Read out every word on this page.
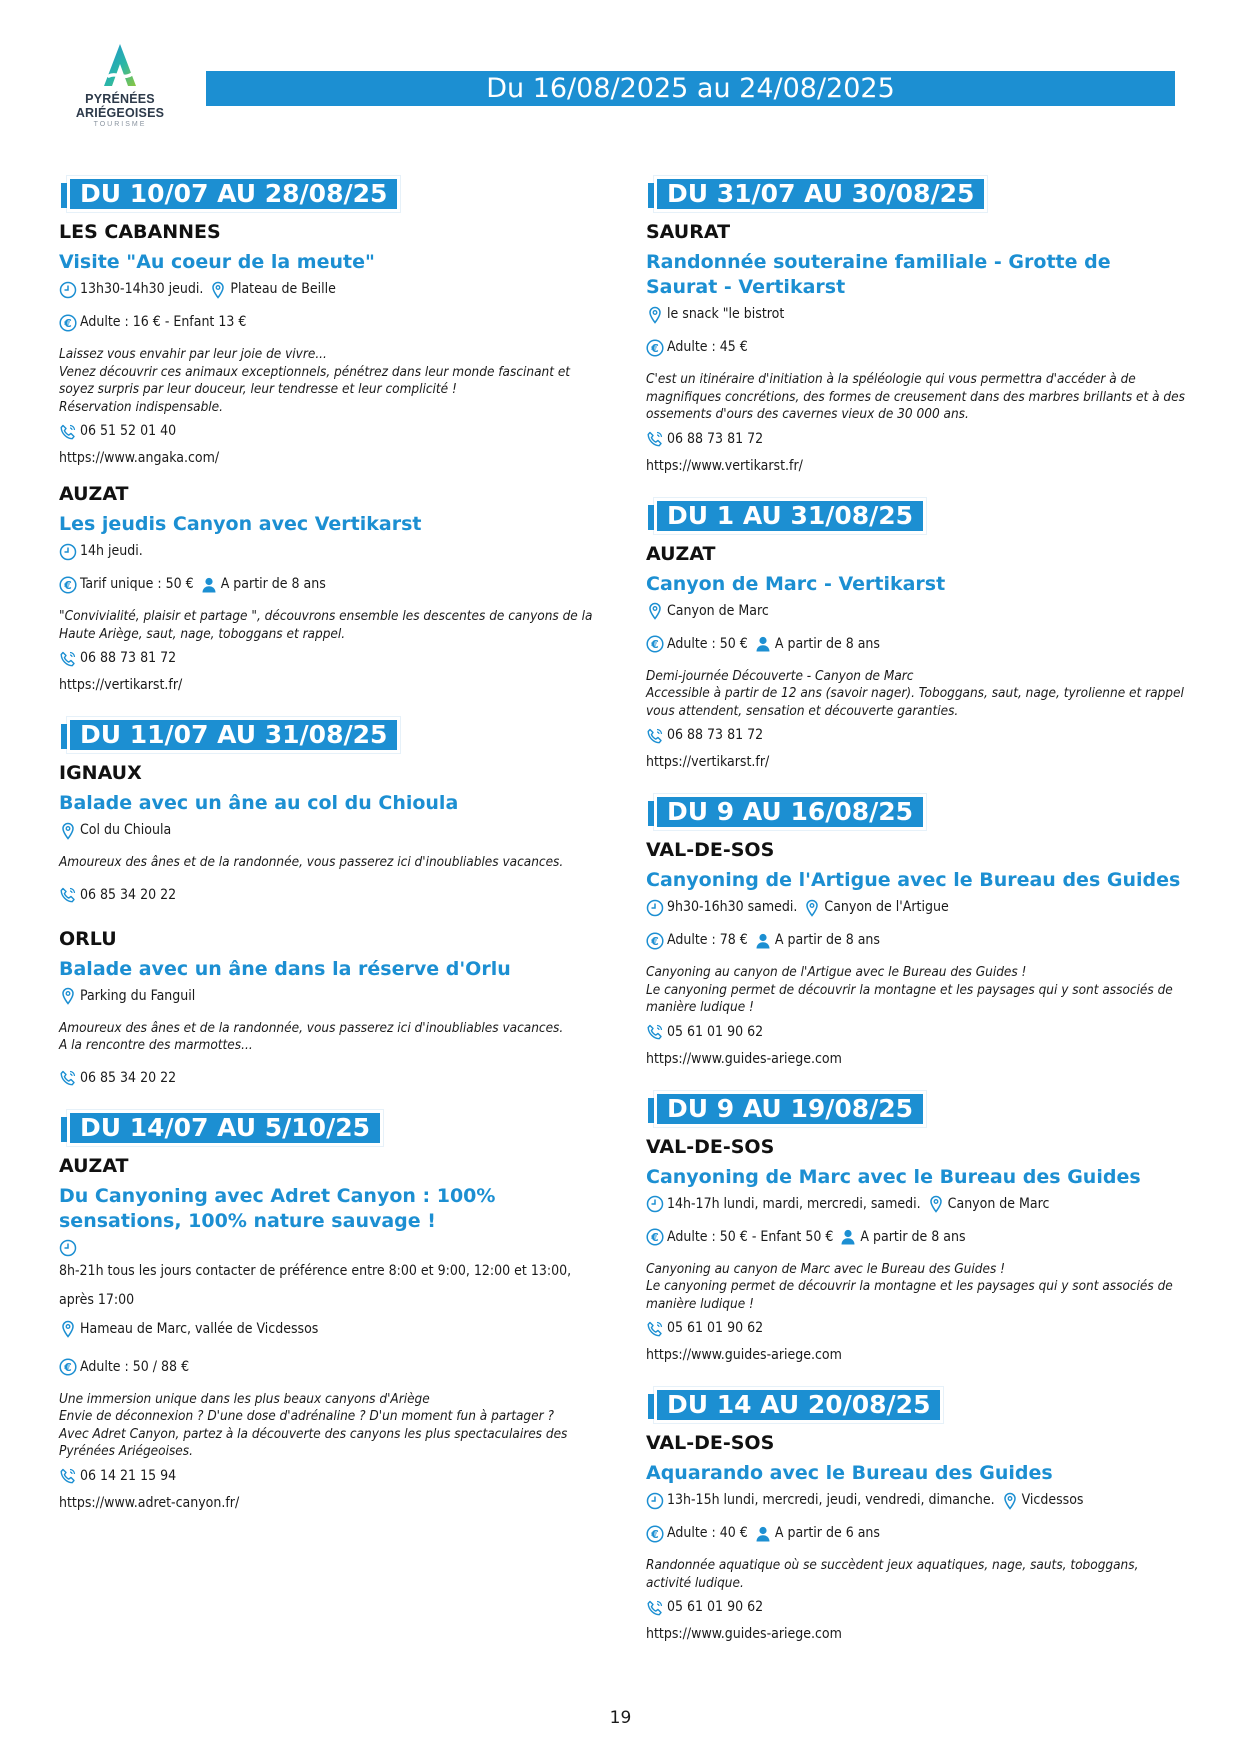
PYRÉNÉES
ARIÉGEOISES
TOURISME
Du 16/08/2025 au 24/08/2025
DU 10/07 AU 28/08/25
LES CABANNES
Visite "Au coeur de la meute"
13h30-14h30 jeudi. Plateau de Beille
Adulte : 16 € - Enfant 13 €
Laissez vous envahir par leur joie de vivre...
Venez découvrir ces animaux exceptionnels, pénétrez dans leur monde fascinant et soyez surpris par leur douceur, leur tendresse et leur complicité !
Réservation indispensable.
06 51 52 01 40
https://www.angaka.com/
AUZAT
Les jeudis Canyon avec Vertikarst
14h jeudi.
Tarif unique : 50 € A partir de 8 ans
"Convivialité, plaisir et partage ", découvrons ensemble les descentes de canyons de la Haute Ariège, saut, nage, toboggans et rappel.
06 88 73 81 72
https://vertikarst.fr/
DU 11/07 AU 31/08/25
IGNAUX
Balade avec un âne au col du Chioula
Col du Chioula
Amoureux des ânes et de la randonnée, vous passerez ici d'inoubliables vacances.
06 85 34 20 22
ORLU
Balade avec un âne dans la réserve d'Orlu
Parking du Fanguil
Amoureux des ânes et de la randonnée, vous passerez ici d'inoubliables vacances.
A la rencontre des marmottes...
06 85 34 20 22
DU 14/07 AU 5/10/25
AUZAT
Du Canyoning avec Adret Canyon : 100% sensations, 100% nature sauvage !
8h-21h tous les jours contacter de préférence entre 8:00 et 9:00, 12:00 et 13:00, après 17:00
Hameau de Marc, vallée de Vicdessos
Adulte : 50 / 88 €
Une immersion unique dans les plus beaux canyons d'Ariège
Envie de déconnexion ? D'une dose d'adrénaline ? D'un moment fun à partager ?
Avec Adret Canyon, partez à la découverte des canyons les plus spectaculaires des Pyrénées Ariégeoises.
06 14 21 15 94
https://www.adret-canyon.fr/
DU 31/07 AU 30/08/25
SAURAT
Randonnée souteraine familiale - Grotte de Saurat - Vertikarst
le snack "le bistrot
Adulte : 45 €
C'est un itinéraire d'initiation à la spéléologie qui vous permettra d'accéder à de magnifiques concrétions, des formes de creusement dans des marbres brillants et à des ossements d'ours des cavernes vieux de 30 000 ans.
06 88 73 81 72
https://www.vertikarst.fr/
DU 1 AU 31/08/25
AUZAT
Canyon de Marc - Vertikarst
Canyon de Marc
Adulte : 50 € A partir de 8 ans
Demi-journée Découverte - Canyon de Marc
Accessible à partir de 12 ans (savoir nager). Toboggans, saut, nage, tyrolienne et rappel vous attendent, sensation et découverte garanties.
06 88 73 81 72
https://vertikarst.fr/
DU 9 AU 16/08/25
VAL-DE-SOS
Canyoning de l'Artigue avec le Bureau des Guides
9h30-16h30 samedi. Canyon de l'Artigue
Adulte : 78 € A partir de 8 ans
Canyoning au canyon de l'Artigue avec le Bureau des Guides !
Le canyoning permet de découvrir la montagne et les paysages qui y sont associés de manière ludique !
05 61 01 90 62
https://www.guides-ariege.com
DU 9 AU 19/08/25
VAL-DE-SOS
Canyoning de Marc avec le Bureau des Guides
14h-17h lundi, mardi, mercredi, samedi. Canyon de Marc
Adulte : 50 € - Enfant 50 € A partir de 8 ans
Canyoning au canyon de Marc avec le Bureau des Guides !
Le canyoning permet de découvrir la montagne et les paysages qui y sont associés de manière ludique !
05 61 01 90 62
https://www.guides-ariege.com
DU 14 AU 20/08/25
VAL-DE-SOS
Aquarando avec le Bureau des Guides
13h-15h lundi, mercredi, jeudi, vendredi, dimanche. Vicdessos
Adulte : 40 € A partir de 6 ans
Randonnée aquatique où se succèdent jeux aquatiques, nage, sauts, toboggans, activité ludique.
05 61 01 90 62
https://www.guides-ariege.com
19
